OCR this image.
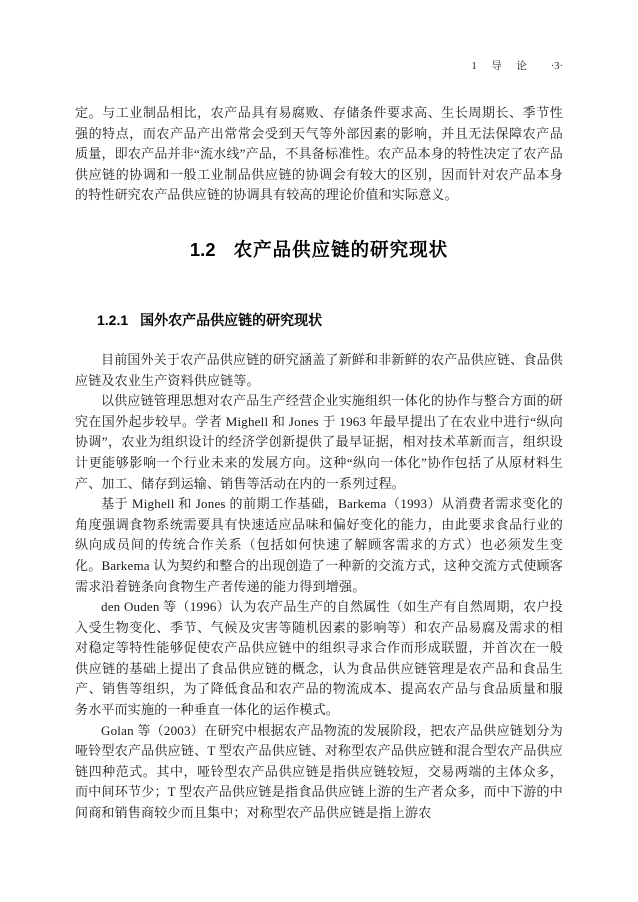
1　导　论 ·3·

定。与工业制品相比，农产品具有易腐败、存储条件要求高、生长周期长、季节性强的特点，而农产品产出常常会受到天气等外部因素的影响，并且无法保障农产品质量，即农产品并非“流水线”产品，不具备标准性。农产品本身的特性决定了农产品供应链的协调和一般工业制品供应链的协调会有较大的区别，因而针对农产品本身的特性研究农产品供应链的协调具有较高的理论价值和实际意义。

1.2 农产品供应链的研究现状
1.2.1 国外农产品供应链的研究现状

目前国外关于农产品供应链的研究涵盖了新鲜和非新鲜的农产品供应链、食品供应链及农业生产资料供应链等。

以供应链管理思想对农产品生产经营企业实施组织一体化的协作与整合方面的研究在国外起步较早。学者 Mighell 和 Jones 于 1963 年最早提出了在农业中进行“纵向协调”，农业为组织设计的经济学创新提供了最早证据，相对技术革新而言，组织设计更能够影响一个行业未来的发展方向。这种“纵向一体化”协作包括了从原材料生产、加工、储存到运输、销售等活动在内的一系列过程。

基于 Mighell 和 Jones 的前期工作基础，Barkema（1993）从消费者需求变化的角度强调食物系统需要具有快速适应品味和偏好变化的能力，由此要求食品行业的纵向成员间的传统合作关系（包括如何快速了解顾客需求的方式）也必须发生变化。Barkema 认为契约和整合的出现创造了一种新的交流方式，这种交流方式使顾客需求沿着链条向食物生产者传递的能力得到增强。

den Ouden 等（1996）认为农产品生产的自然属性（如生产有自然周期，农户投入受生物变化、季节、气候及灾害等随机因素的影响等）和农产品易腐及需求的相对稳定等特性能够促使农产品供应链中的组织寻求合作而形成联盟，并首次在一般供应链的基础上提出了食品供应链的概念，认为食品供应链管理是农产品和食品生产、销售等组织，为了降低食品和农产品的物流成本、提高农产品与食品质量和服务水平而实施的一种垂直一体化的运作模式。

Golan 等（2003）在研究中根据农产品物流的发展阶段，把农产品供应链划分为哑铃型农产品供应链、T 型农产品供应链、对称型农产品供应链和混合型农产品供应链四种范式。其中，哑铃型农产品供应链是指供应链较短，交易两端的主体众多，而中间环节少；T 型农产品供应链是指食品供应链上游的生产者众多，而中下游的中间商和销售商较少而且集中；对称型农产品供应链是指上游农
